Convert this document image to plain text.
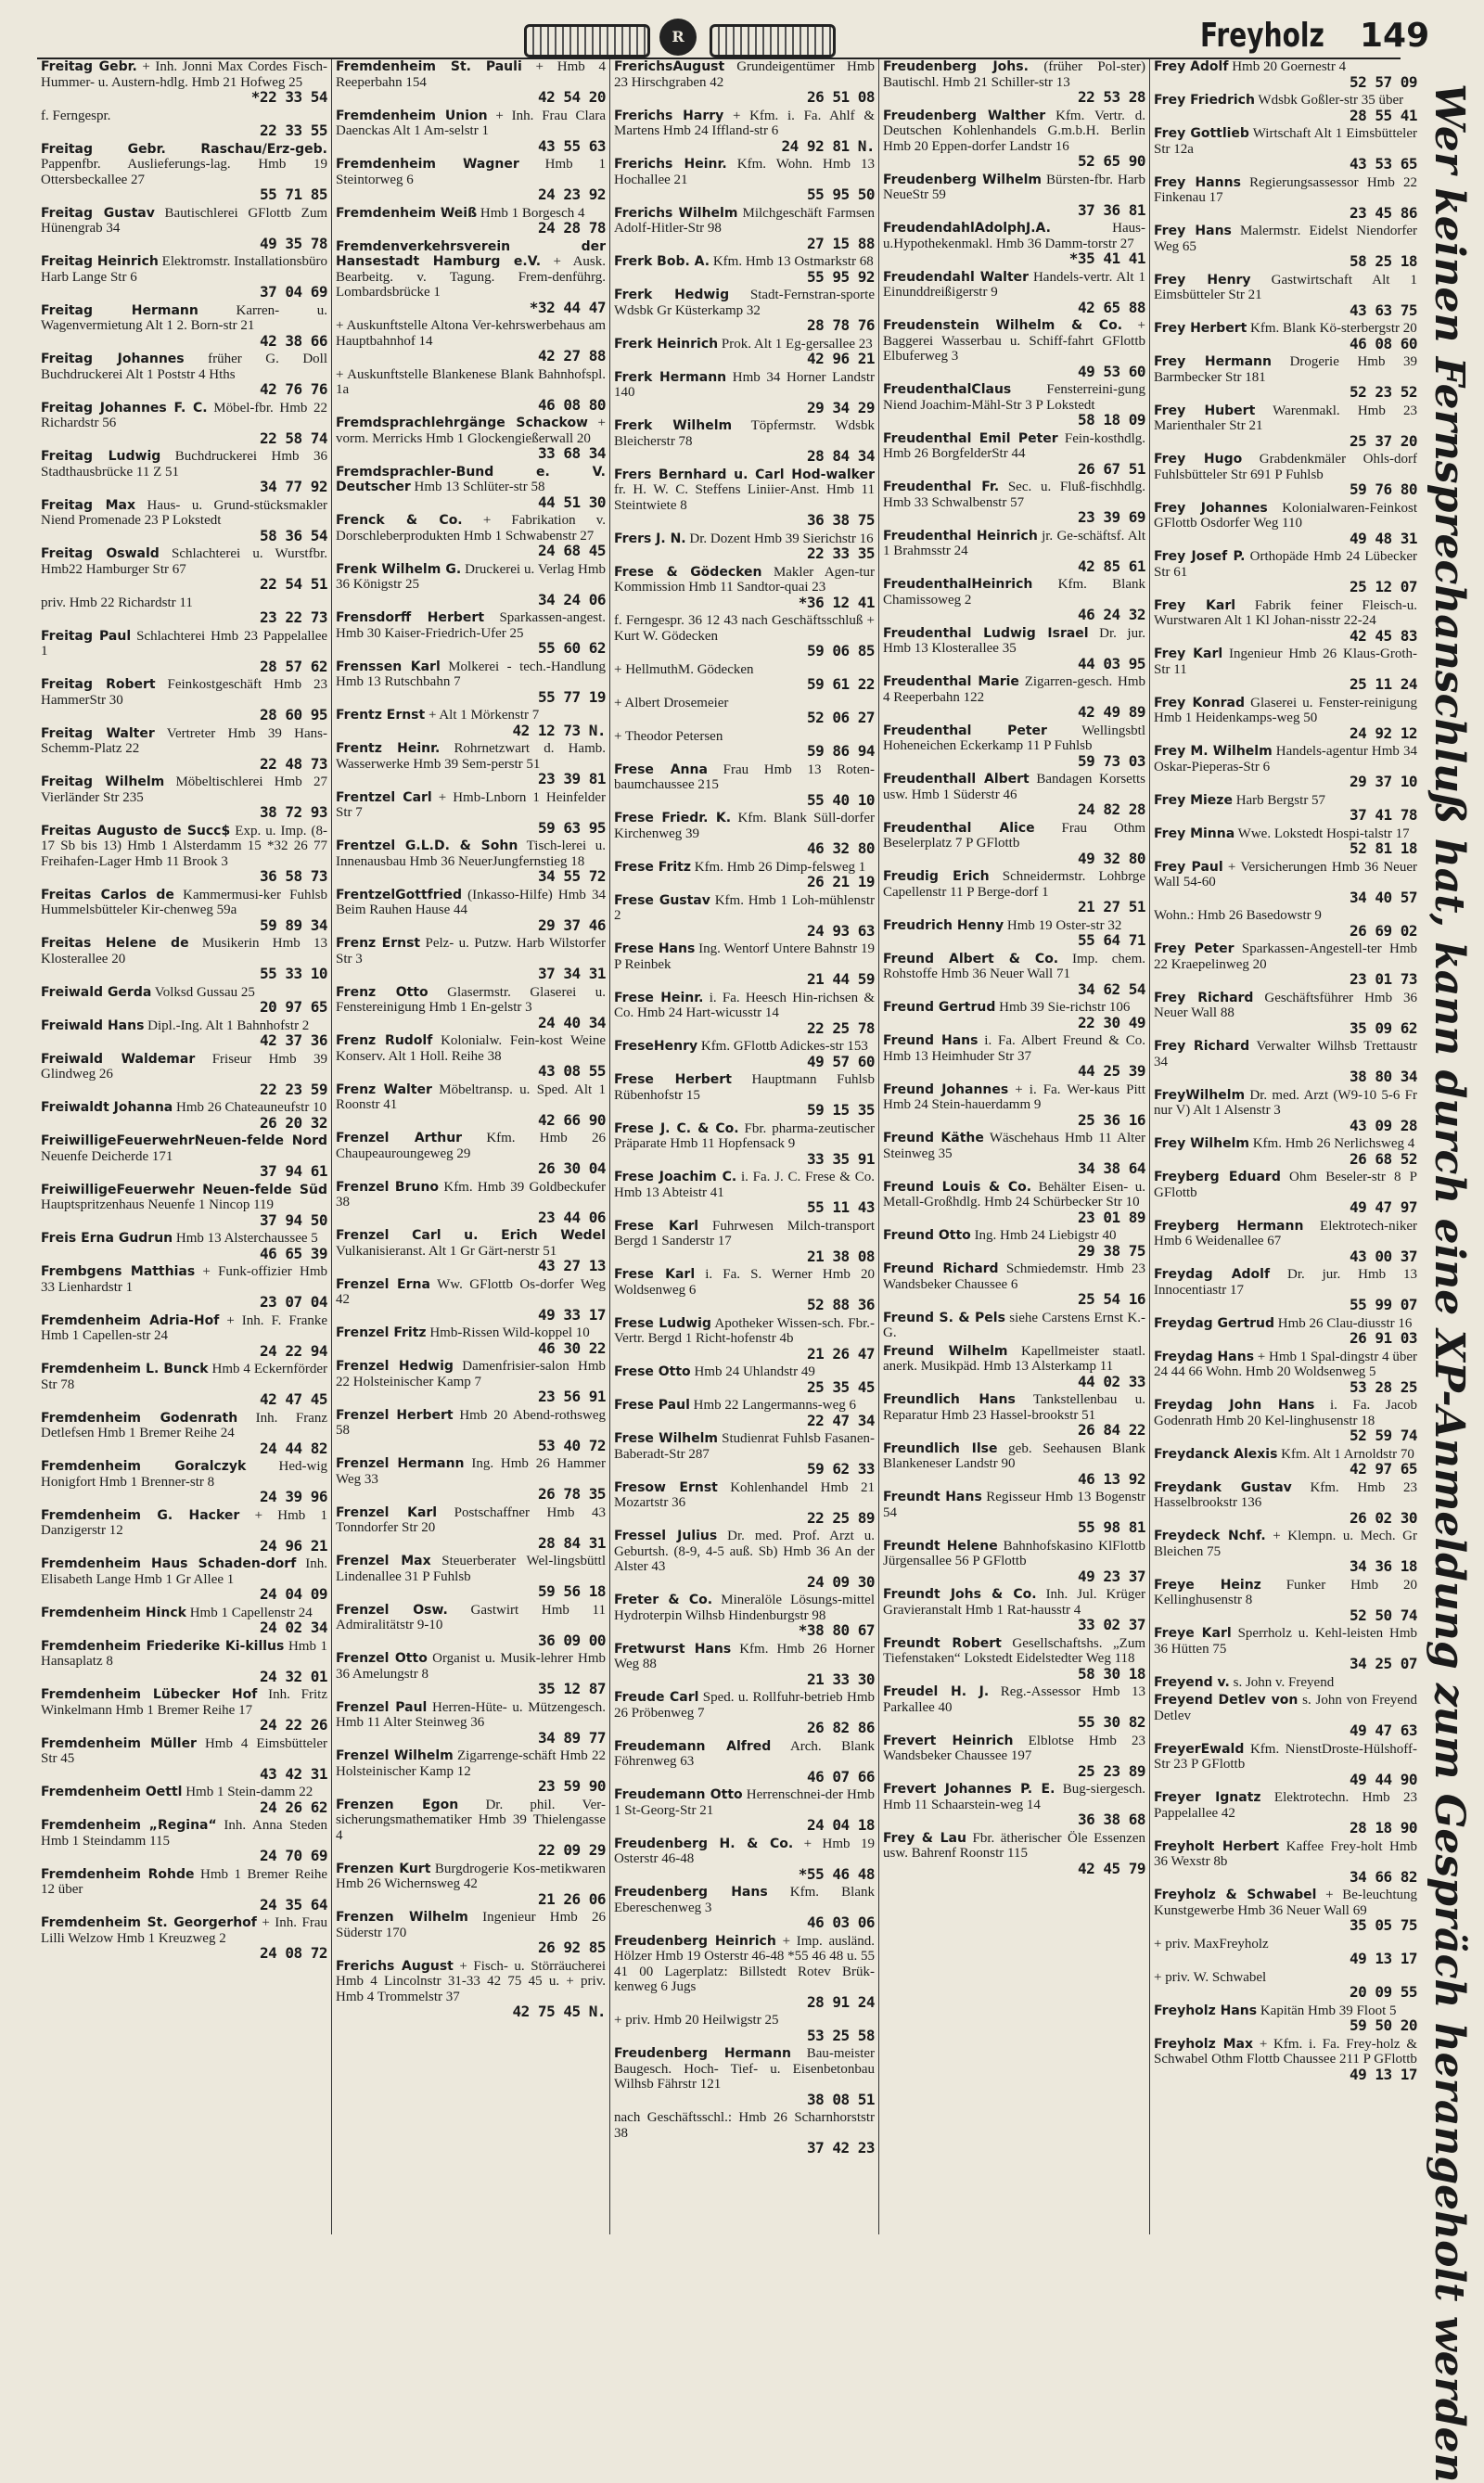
R	Freyholz 149
Freitag Gebr. + Inh. Jonni Max Cordes Fisch-Hummer- u. Austern-hdlg. Hmb 21 Hofweg 25
*22 33 54
f. Ferngespr.
22 33 55
Freitag Gebr. Raschau/Erz-geb. Pappenfbr. Auslieferungs-lag. Hmb 19 Ottersbeckallee 27
55 71 85
Freitag Gustav Bautischlerei GFlottb Zum Hünengrab 34
49 35 78
Freitag Heinrich Elektromstr. Installationsbüro Harb Lange Str 6
37 04 69
Freitag Hermann	Karren- u. Wagenvermietung Alt 1 2. Born-str 21
42 38 66
Freitag Johannes früher G. Doll Buchdruckerei Alt 1 Poststr 4 Hths
42 76 76
Freitag Johannes F. C. Möbel-fbr. Hmb 22 Richardstr 56
22 58 74
Freitag Ludwig Buchdruckerei Hmb 36 Stadthausbrücke 11 Z 51
34 77 92
Freitag Max Haus- u. Grund-stücksmakler Niend Promenade 23 P Lokstedt
58 36 54
Freitag Oswald Schlachterei u. Wurstfbr. Hmb22 Hamburger Str 67
22 54 51
priv. Hmb 22 Richardstr 11
23 22 73
Freitag Paul Schlachterei Hmb 23 Pappelallee 1
28 57 62
Freitag Robert Feinkostgeschäft Hmb 23 HammerStr 30
28 60 95
Freitag Walter Vertreter Hmb 39 Hans-Schemm-Platz 22
22 48 73
Freitag Wilhelm Möbeltischlerei Hmb 27 Vierländer Str 235
38 72 93
Freitas Augusto de Succ$ Exp. u. Imp. (8-17 Sb bis 13) Hmb 1 Alsterdamm 15 *32 26 77 Freihafen-Lager Hmb 11 Brook 3
36 58 73
Freitas Carlos de Kammermusi-ker Fuhlsb Hummelsbütteler Kir-chenweg 59a
59 89 34
Freitas Helene de Musikerin Hmb 13 Klosterallee 20
55 33 10
Freiwald Gerda Volksd Gussau 25
20 97 65
Freiwald Hans Dipl.-Ing. Alt 1 Bahnhofstr 2
42 37 36
Freiwald Waldemar Friseur Hmb 39 Glindweg 26
22 23 59
Freiwaldt Johanna Hmb 26 Chateauneufstr 10
26 20 32
FreiwilligeFeuerwehrNeuen-felde Nord Neuenfe Deicherde 171
37 94 61
FreiwilligeFeuerwehr Neuen-felde Süd Hauptspritzenhaus Neuenfe 1 Nincop 119
37 94 50
Freis Erna Gudrun Hmb 13 Alsterchaussee 5
46 65 39
Frembgens Matthias + Funk-offizier Hmb 33 Lienhardstr 1
23 07 04
Fremdenheim Adria-Hof + Inh. F. Franke Hmb 1 Capellen-str 24
24 22 94
Fremdenheim L. Bunck Hmb 4 Eckernförder Str 78
42 47 45
Fremdenheim Godenrath Inh. Franz Detlefsen Hmb 1 Bremer Reihe 24
24 44 82
Fremdenheim Goralczyk Hed-wig Honigfort Hmb 1 Brenner-str 8
24 39 96
Fremdenheim G. Hacker + Hmb 1 Danzigerstr 12
24 96 21
Fremdenheim Haus Schaden-dorf Inh. Elisabeth Lange Hmb 1 Gr Allee 1
24 04 09
Fremdenheim Hinck Hmb 1 Capellenstr 24
24 02 34
Fremdenheim Friederike Ki-killus Hmb 1 Hansaplatz 8
24 32 01
Fremdenheim Lübecker Hof Inh. Fritz Winkelmann Hmb 1 Bremer Reihe 17
24 22 26
Fremdenheim Müller Hmb 4 Eimsbütteler Str 45
43 42 31
Fremdenheim Oettl Hmb 1 Stein-damm 22
24 26 62
Fremdenheim „Regina“ Inh. Anna Steden Hmb 1 Steindamm 115
24 70 69
Fremdenheim Rohde Hmb 1 Bremer Reihe 12 über
24 35 64
Fremdenheim St. Georgerhof + Inh. Frau Lilli Welzow Hmb 1 Kreuzweg 2
24 08 72
Fremdenheim St. Pauli + Hmb 4 Reeperbahn 154
42 54 20
Fremdenheim Union + Inh. Frau Clara Daenckas Alt 1 Am-selstr 1
43 55 63
Fremdenheim Wagner Hmb 1 Steintorweg 6
24 23 92
Fremdenheim Weiß Hmb 1 Borgesch 4
24 28 78
Fremdenverkehrsverein der Hansestadt Hamburg e.V. + Ausk. Bearbeitg. v. Tagung. Frem-denführg. Lombardsbrücke 1
*32 44 47
+ Auskunftstelle Altona Ver-kehrswerbehaus am Hauptbahnhof 14
42 27 88
+ Auskunftstelle Blankenese Blank Bahnhofspl. 1a
46 08 80
Fremdsprachlehrgänge Schackow + vorm. Merricks Hmb 1 Glockengießerwall 20
33 68 34
Fremdsprachler-Bund e. V. Deutscher Hmb 13 Schlüter-str 58
44 51 30
Frenck & Co. + Fabrikation v. Dorschleberprodukten Hmb 1 Schwabenstr 27
24 68 45
Frenk Wilhelm G. Druckerei u. Verlag Hmb 36 Königstr 25
34 24 06
Frensdorff Herbert Sparkassen-angest. Hmb 30 Kaiser-Friedrich-Ufer 25
55 60 62
Frenssen Karl Molkerei - tech.-Handlung Hmb 13 Rutschbahn 7
55 77 19
Frentz Ernst + Alt 1 Mörkenstr 7
42 12 73 N.
Frentz Heinr. Rohrnetzwart d. Hamb. Wasserwerke Hmb 39 Sem-perstr 51
23 39 81
Frentzel Carl + Hmb-Lnborn 1 Heinfelder Str 7
59 63 95
Frentzel G.L.D. & Sohn Tisch-lerei u. Innenausbau Hmb 36 NeuerJungfernstieg 18
34 55 72
FrentzelGottfried (Inkasso-Hilfe) Hmb 34 Beim Rauhen Hause 44
29 37 46
Frenz Ernst Pelz- u. Putzw. Harb Wilstorfer Str 3
37 34 31
Frenz Otto Glasermstr. Glaserei u. Fenstereinigung Hmb 1 En-gelstr 3
24 40 34
Frenz Rudolf Kolonialw. Fein-kost Weine Konserv. Alt 1 Holl. Reihe 38
43 08 55
Frenz Walter Möbeltransp. u. Sped. Alt 1 Roonstr 41
42 66 90
Frenzel Arthur Kfm. Hmb 26 Chaupeauroungeweg 29
26 30 04
Frenzel Bruno Kfm. Hmb 39 Goldbeckufer 38
23 44 06
Frenzel Carl u. Erich Wedel Vulkanisieranst. Alt 1 Gr Gärt-nerstr 51
43 27 13
Frenzel Erna Ww. GFlottb Os-dorfer Weg 42
49 33 17
Frenzel Fritz Hmb-Rissen Wild-koppel 10
46 30 22
Frenzel Hedwig Damenfrisier-salon Hmb 22 Holsteinischer Kamp 7
23 56 91
Frenzel Herbert Hmb 20 Abend-rothsweg 58
53 40 72
Frenzel Hermann Ing. Hmb 26 Hammer Weg 33
26 78 35
Frenzel Karl Postschaffner Hmb 43 Tonndorfer Str 20
28 84 31
Frenzel Max Steuerberater Wel-lingsbüttl Lindenallee 31 P Fuhlsb
59 56 18
Frenzel Osw. Gastwirt Hmb 11 Admiralitätstr 9-10
36 09 00
Frenzel Otto Organist u. Musik-lehrer Hmb 36 Amelungstr 8
35 12 87
Frenzel Paul Herren-Hüte- u. Mützengesch. Hmb 11 Alter Steinweg 36
34 89 77
Frenzel Wilhelm Zigarrenge-schäft Hmb 22 Holsteinischer Kamp 12
23 59 90
Frenzen Egon Dr. phil. Ver-sicherungsmathematiker Hmb 39 Thielengasse 4
22 09 29
Frenzen Kurt Burgdrogerie Kos-metikwaren Hmb 26 Wichernsweg 42
21 26 06
Frenzen Wilhelm Ingenieur Hmb 26 Süderstr 170
26 92 85
Frerichs August + Fisch- u. Störräucherei Hmb 4 Lincolnstr 31-33 42 75 45 u. + priv. Hmb 4 Trommelstr 37
42 75 45 N.
FrerichsAugust Grundeigentümer Hmb 23 Hirschgraben 42
26 51 08
Frerichs Harry + Kfm. i. Fa. Ahlf & Martens Hmb 24 Iffland-str 6
24 92 81 N.
Frerichs Heinr. Kfm. Wohn. Hmb 13 Hochallee 21
55 95 50
Frerichs Wilhelm Milchgeschäft Farmsen Adolf-Hitler-Str 98
27 15 88
Frerk Bob. A. Kfm. Hmb 13 Ostmarkstr 68
55 95 92
Frerk Hedwig Stadt-Fernstran-sporte Wdsbk Gr Küsterkamp 32
28 78 76
Frerk Heinrich Prok. Alt 1 Eg-gersallee 23
42 96 21
Frerk Hermann Hmb 34 Horner Landstr 140
29 34 29
Frerk Wilhelm Töpfermstr. Wdsbk Bleicherstr 78
28 84 34
Frers Bernhard u. Carl Hod-walker fr. H. W. C. Steffens Liniier-Anst. Hmb 11 Steintwiete 8
36 38 75
Frers J. N. Dr. Dozent Hmb 39 Sierichstr 16
22 33 35
Frese & Gödecken Makler Agen-tur Kommission Hmb 11 Sandtor-quai 23
*36 12 41
f. Ferngespr. 36 12 43 nach Geschäftsschluß + Kurt W. Gödecken
59 06 85
+ HellmuthM. Gödecken
59 61 22
+ Albert Drosemeier
52 06 27
+ Theodor Petersen
59 86 94
Frese Anna Frau Hmb 13 Roten-baumchaussee 215
55 40 10
Frese Friedr. K. Kfm. Blank Süll-dorfer Kirchenweg 39
46 32 80
Frese Fritz Kfm. Hmb 26 Dimp-felsweg 1
26 21 19
Frese Gustav Kfm. Hmb 1 Loh-mühlenstr 2
24 93 63
Frese Hans Ing. Wentorf Untere Bahnstr 19 P Reinbek
21 44 59
Frese Heinr. i. Fa. Heesch Hin-richsen & Co. Hmb 24 Hart-wicusstr 14
22 25 78
FreseHenry Kfm. GFlottb Adickes-str 153
49 57 60
Frese Herbert Hauptmann Fuhlsb Rübenhofstr 15
59 15 35
Frese J. C. & Co. Fbr. pharma-zeutischer Präparate Hmb 11 Hopfensack 9
33 35 91
Frese Joachim C. i. Fa. J. C. Frese & Co. Hmb 13 Abteistr 41
55 11 43
Frese Karl Fuhrwesen Milch-transport Bergd 1 Sanderstr 17
21 38 08
Frese Karl i. Fa. S. Werner Hmb 20 Woldsenweg 6
52 88 36
Frese Ludwig Apotheker Wissen-sch. Fbr.-Vertr. Bergd 1 Richt-hofenstr 4b
21 26 47
Frese Otto Hmb 24 Uhlandstr 49
25 35 45
Frese Paul Hmb 22 Langermanns-weg 6
22 47 34
Frese Wilhelm Studienrat Fuhlsb Fasanen-Baberadt-Str 287
59 62 33
Fresow Ernst Kohlenhandel Hmb 21 Mozartstr 36
22 25 89
Fressel Julius Dr. med. Prof. Arzt u. Geburtsh. (8-9, 4-5 auß. Sb) Hmb 36 An der Alster 43
24 09 30
Freter & Co. Mineralöle Lösungs-mittel Hydroterpin Wilhsb Hindenburgstr 98
*38 80 67
Fretwurst Hans Kfm. Hmb 26 Horner Weg 88
21 33 30
Freude Carl Sped. u. Rollfuhr-betrieb Hmb 26 Pröbenweg 7
26 82 86
Freudemann Alfred Arch. Blank Föhrenweg 63
46 07 66
Freudemann Otto Herrenschnei-der Hmb 1 St-Georg-Str 21
24 04 18
Freudenberg H. & Co. + Hmb 19 Osterstr 46-48
*55 46 48
Freudenberg Hans Kfm. Blank Ebereschenweg 3
46 03 06
Freudenberg Heinrich + Imp. ausländ. Hölzer Hmb 19 Osterstr 46-48 *55 46 48 u. 55 41 00 Lagerplatz: Billstedt Rotev Brük-kenweg 6 Jugs
28 91 24
+ priv. Hmb 20 Heilwigstr 25
53 25 58
Freudenberg Hermann Bau-meister Baugesch. Hoch- Tief- u. Eisenbetonbau Wilhsb Fährstr 121
38 08 51
nach Geschäftsschl.: Hmb 26 Scharnhorststr 38
37 42 23
Freudenberg Johs. (früher Pol-ster) Bautischl. Hmb 21 Schiller-str 13
22 53 28
Freudenberg Walther Kfm. Vertr. d. Deutschen Kohlenhandels G.m.b.H. Berlin Hmb 20 Eppen-dorfer Landstr 16
52 65 90
Freudenberg Wilhelm Bürsten-fbr. Harb NeueStr 59
37 36 81
FreudendahlAdolphJ.A.	Haus-u.Hypothekenmakl. Hmb 36 Damm-torstr 27
*35 41 41
Freudendahl Walter Handels-vertr. Alt 1 Einunddreißigerstr 9
42 65 88
Freudenstein Wilhelm & Co. + Baggerei Wasserbau u. Schiff-fahrt GFlottb Elbuferweg 3
49 53 60
FreudenthalClaus	Fensterreini-gung Niend Joachim-Mähl-Str 3 P Lokstedt
58 18 09
Freudenthal Emil Peter Fein-kosthdlg. Hmb 26 BorgfelderStr 44
26 67 51
Freudenthal Fr. Sec. u. Fluß-fischhdlg. Hmb 33 Schwalbenstr 57
23 39 69
Freudenthal Heinrich jr. Ge-schäftsf. Alt 1 Brahmsstr 24
42 85 61
FreudenthalHeinrich Kfm. Blank Chamissoweg 2
46 24 32
Freudenthal Ludwig Israel Dr. jur. Hmb 13 Klosterallee 35
44 03 95
Freudenthal Marie Zigarren-gesch. Hmb 4 Reeperbahn 122
42 49 89
Freudenthal Peter Wellingsbtl Hoheneichen Eckerkamp 11 P Fuhlsb
59 73 03
Freudenthall Albert Bandagen Korsetts usw. Hmb 1 Süderstr 46
24 82 28
Freudenthal Alice Frau Othm Beselerplatz 7 P GFlottb
49 32 80
Freudig Erich Schneidermstr. Lohbrge Capellenstr 11 P Berge-dorf 1
21 27 51
Freudrich Henny Hmb 19 Oster-str 32
55 64 71
Freund Albert & Co. Imp. chem. Rohstoffe Hmb 36 Neuer Wall 71
34 62 54
Freund Gertrud Hmb 39 Sie-richstr 106
22 30 49
Freund Hans i. Fa. Albert Freund & Co. Hmb 13 Heimhuder Str 37
44 25 39
Freund Johannes + i. Fa. Wer-kaus Pitt Hmb 24 Stein-hauerdamm 9
25 36 16
Freund Käthe Wäschehaus Hmb 11 Alter Steinweg 35
34 38 64
Freund Louis & Co. Behälter Eisen- u. Metall-Großhdlg. Hmb 24 Schürbecker Str 10
23 01 89
Freund Otto Ing. Hmb 24 Liebigstr 40
29 38 75
Freund Richard Schmiedemstr. Hmb 23 Wandsbeker Chaussee 6
25 54 16
Freund S. & Pels siehe Carstens Ernst K.-G.
Freund Wilhelm Kapellmeister staatl. anerk. Musikpäd. Hmb 13 Alsterkamp 11
44 02 33
Freundlich Hans Tankstellenbau u. Reparatur Hmb 23 Hassel-brookstr 51
26 84 22
Freundlich Ilse geb. Seehausen Blank Blankeneser Landstr 90
46 13 92
Freundt Hans Regisseur Hmb 13 Bogenstr 54
55 98 81
Freundt Helene Bahnhofskasino KlFlottb Jürgensallee 56 P GFlottb
49 23 37
Freundt Johs & Co. Inh. Jul. Krüger Gravieranstalt Hmb 1 Rat-hausstr 4
33 02 37
Freundt Robert Gesellschaftshs. „Zum Tiefenstaken“ Lokstedt Eidelstedter Weg 118
58 30 18
Freudel H. J. Reg.-Assessor Hmb 13 Parkallee 40
55 30 82
Frevert Heinrich Elblotse Hmb 23 Wandsbeker Chaussee 197
25 23 89
Frevert Johannes P. E. Bug-siergesch. Hmb 11 Schaarstein-weg 14
36 38 68
Frey & Lau Fbr. ätherischer Öle Essenzen usw. Bahrenf Roonstr 115
42 45 79
Frey Adolf Hmb 20 Goernestr 4
52 57 09
Frey Friedrich Wdsbk Goßler-str 35 über
28 55 41
Frey Gottlieb Wirtschaft Alt 1 Eimsbütteler Str 12a
43 53 65
Frey Hanns Regierungsassessor Hmb 22 Finkenau 17
23 45 86
Frey Hans Malermstr. Eidelst Niendorfer Weg 65
58 25 18
Frey Henry Gastwirtschaft Alt 1 Eimsbütteler Str 21
43 63 75
Frey Herbert Kfm. Blank Kö-sterbergstr 20
46 08 60
Frey Hermann Drogerie Hmb 39 Barmbecker Str 181
52 23 52
Frey Hubert Warenmakl. Hmb 23 Marienthaler Str 21
25 37 20
Frey Hugo Grabdenkmäler Ohls-dorf Fuhlsbütteler Str 691 P Fuhlsb
59 76 80
Frey Johannes Kolonialwaren-Feinkost GFlottb Osdorfer Weg 110
49 48 31
Frey Josef P. Orthopäde Hmb 24 Lübecker Str 61
25 12 07
Frey Karl Fabrik feiner Fleisch-u. Wurstwaren Alt 1 Kl Johan-nisstr 22-24
42 45 83
Frey Karl Ingenieur Hmb 26 Klaus-Groth-Str 11
25 11 24
Frey Konrad Glaserei u. Fenster-reinigung Hmb 1 Heidenkamps-weg 50
24 92 12
Frey M. Wilhelm Handels-agentur Hmb 34 Oskar-Pieperas-Str 6
29 37 10
Frey Mieze Harb Bergstr 57
37 41 78
Frey Minna Wwe. Lokstedt Hospi-talstr 17
52 81 18
Frey Paul + Versicherungen Hmb 36 Neuer Wall 54-60
34 40 57
Wohn.: Hmb 26 Basedowstr 9
26 69 02
Frey Peter Sparkassen-Angestell-ter Hmb 22 Kraepelinweg 20
23 01 73
Frey Richard Geschäftsführer Hmb 36 Neuer Wall 88
35 09 62
Frey Richard Verwalter Wilhsb Trettaustr 34
38 80 34
FreyWilhelm Dr. med. Arzt (W9-10 5-6 Fr nur V) Alt 1 Alsenstr 3
43 09 28
Frey Wilhelm Kfm. Hmb 26 Nerlichsweg 4
26 68 52
Freyberg Eduard Ohm Beseler-str 8 P GFlottb
49 47 97
Freyberg Hermann Elektrotech-niker Hmb 6 Weidenallee 67
43 00 37
Freydag Adolf Dr. jur. Hmb 13 Innocentiastr 17
55 99 07
Freydag Gertrud Hmb 26 Clau-diusstr 16
26 91 03
Freydag Hans + Hmb 1 Spal-dingstr 4 über 24 44 66 Wohn. Hmb 20 Woldsenweg 5
53 28 25
Freydag John Hans i. Fa. Jacob Godenrath Hmb 20 Kel-linghusenstr 18
52 59 74
Freydanck Alexis Kfm. Alt 1 Arnoldstr 70
42 97 65
Freydank Gustav Kfm. Hmb 23 Hasselbrookstr 136
26 02 30
Freydeck Nchf. + Klempn. u. Mech. Gr Bleichen 75
34 36 18
Freye Heinz Funker Hmb 20 Kellinghusenstr 8
52 50 74
Freye Karl Sperrholz u. Kehl-leisten Hmb 36 Hütten 75
34 25 07
Freyend v. s. John v. Freyend
Freyend Detlev von s. John von Freyend Detlev
49 47 63
FreyerEwald Kfm. NienstDroste-Hülshoff-Str 23 P GFlottb
49 44 90
Freyer Ignatz Elektrotechn. Hmb 23 Pappelallee 42
28 18 90
Freyholt Herbert Kaffee Frey-holt Hmb 36 Wexstr 8b
34 66 82
Freyholz & Schwabel + Be-leuchtung Kunstgewerbe Hmb 36 Neuer Wall 69
35 05 75
+ priv. MaxFreyholz
49 13 17
+ priv. W. Schwabel
20 09 55
Freyholz Hans Kapitän Hmb 39 Floot 5
59 50 20
Freyholz Max + Kfm. i. Fa. Frey-holz & Schwabel Othm Flottb Chaussee 211 P GFlottb
49 13 17 Wer keinen Fernsprechanschluß hat, kann durch eine XP-Anmeldung zum Gespräch herangeholt werden
